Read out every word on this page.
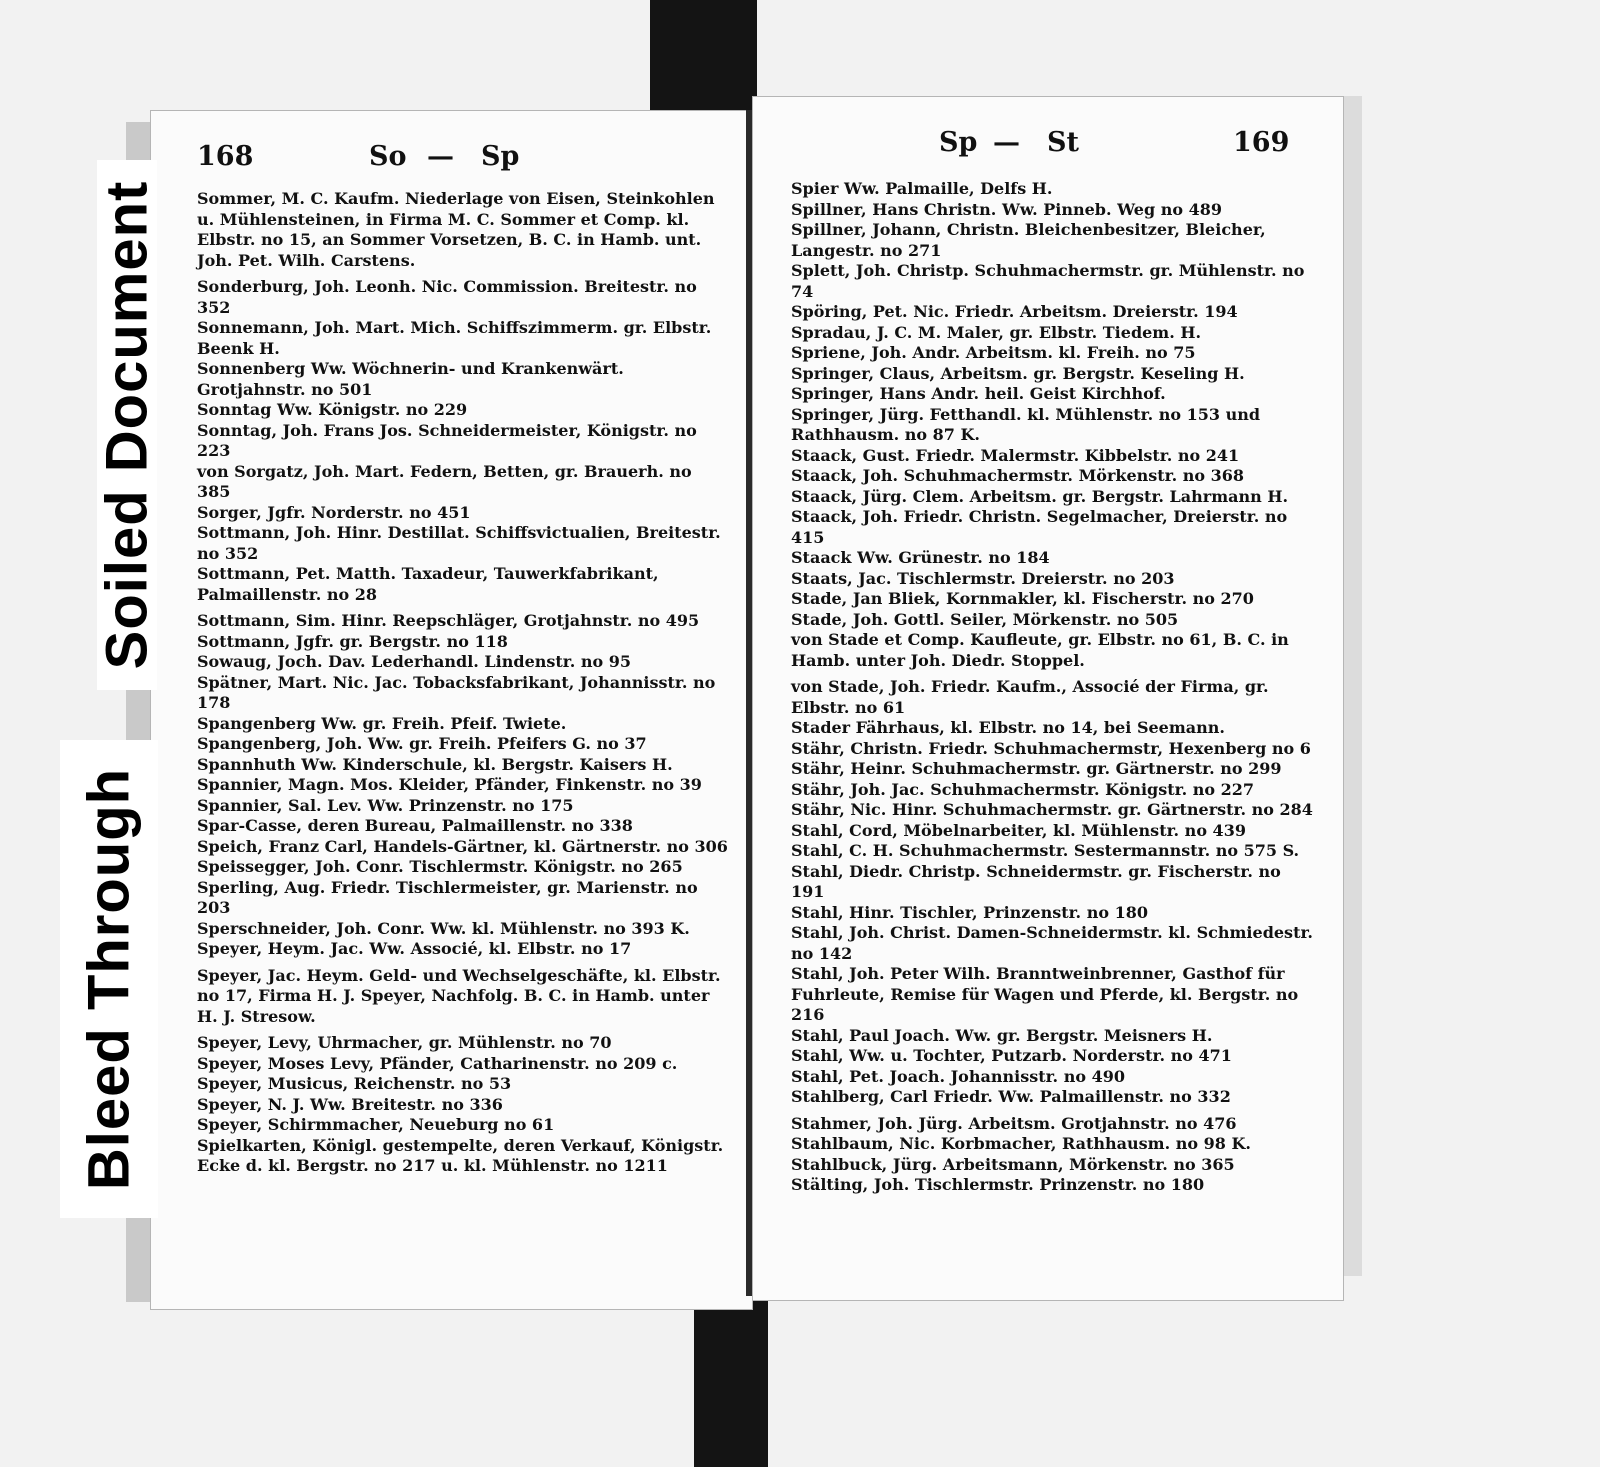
168	So — Sp

Sommer, M. C. Kaufm. Niederlage von Eisen, Steinkohlen u. Mühlensteinen, in Firma M. C. Sommer et Comp. kl. Elbstr. no 15, an Sommer Vorsetzen, B. C. in Hamb. unt. Joh. Pet. Wilh. Carstens.

Sonderburg, Joh. Leonh. Nic. Commission. Breitestr. no 352

Sonnemann, Joh. Mart. Mich. Schiffszimmerm. gr. Elbstr. Beenk H.

Sonnenberg Ww. Wöchnerin- und Krankenwärt. Grotjahnstr. no 501

Sonntag Ww. Königstr. no 229

Sonntag, Joh. Frans Jos. Schneidermeister, Königstr. no 223

von Sorgatz, Joh. Mart. Federn, Betten, gr. Brauerh. no 385

Sorger, Jgfr. Norderstr. no 451

Sottmann, Joh. Hinr. Destillat. Schiffsvictualien, Breitestr. no 352

Sottmann, Pet. Matth. Taxadeur, Tauwerkfabrikant, Palmaillenstr. no 28

Sottmann, Sim. Hinr. Reepschläger, Grotjahnstr. no 495

Sottmann, Jgfr. gr. Bergstr. no 118

Sowaug, Joch. Dav. Lederhandl. Lindenstr. no 95

Spätner, Mart. Nic. Jac. Tobacksfabrikant, Johannisstr. no 178

Spangenberg Ww. gr. Freih. Pfeif. Twiete.

Spangenberg, Joh. Ww. gr. Freih. Pfeifers G. no 37

Spannhuth Ww. Kinderschule, kl. Bergstr. Kaisers H.

Spannier, Magn. Mos. Kleider, Pfänder, Finkenstr. no 39

Spannier, Sal. Lev. Ww. Prinzenstr. no 175

Spar-Casse, deren Bureau, Palmaillenstr. no 338

Speich, Franz Carl, Handels-Gärtner, kl. Gärtnerstr. no 306

Speissegger, Joh. Conr. Tischlermstr. Königstr. no 265

Sperling, Aug. Friedr. Tischlermeister, gr. Marienstr. no 203

Sperschneider, Joh. Conr. Ww. kl. Mühlenstr. no 393 K.

Speyer, Heym. Jac. Ww. Associé, kl. Elbstr. no 17

Speyer, Jac. Heym. Geld- und Wechselgeschäfte, kl. Elbstr. no 17, Firma H. J. Speyer, Nachfolg. B. C. in Hamb. unter H. J. Stresow.

Speyer, Levy, Uhrmacher, gr. Mühlenstr. no 70

Speyer, Moses Levy, Pfänder, Catharinenstr. no 209 c.

Speyer, Musicus, Reichenstr. no 53

Speyer, N. J. Ww. Breitestr. no 336

Speyer, Schirmmacher, Neueburg no 61

Spielkarten, Königl. gestempelte, deren Verkauf, Königstr. Ecke d. kl. Bergstr. no 217 u. kl. Mühlenstr. no 1211

Sp — St	169

Spier Ww. Palmaille, Delfs H.

Spillner, Hans Christn. Ww. Pinneb. Weg no 489

Spillner, Johann, Christn. Bleichenbesitzer, Bleicher, Langestr. no 271

Splett, Joh. Christp. Schuhmachermstr. gr. Mühlenstr. no 74

Spöring, Pet. Nic. Friedr. Arbeitsm. Dreierstr. 194

Spradau, J. C. M. Maler, gr. Elbstr. Tiedem. H.

Spriene, Joh. Andr. Arbeitsm. kl. Freih. no 75

Springer, Claus, Arbeitsm. gr. Bergstr. Keseling H.

Springer, Hans Andr. heil. Geist Kirchhof.

Springer, Jürg. Fetthandl. kl. Mühlenstr. no 153 und Rathhausm. no 87 K.

Staack, Gust. Friedr. Malermstr. Kibbelstr. no 241

Staack, Joh. Schuhmachermstr. Mörkenstr. no 368

Staack, Jürg. Clem. Arbeitsm. gr. Bergstr. Lahrmann H.

Staack, Joh. Friedr. Christn. Segelmacher, Dreierstr. no 415

Staack Ww. Grünestr. no 184

Staats, Jac. Tischlermstr. Dreierstr. no 203

Stade, Jan Bliek, Kornmakler, kl. Fischerstr. no 270

Stade, Joh. Gottl. Seiler, Mörkenstr. no 505

von Stade et Comp. Kaufleute, gr. Elbstr. no 61, B. C. in Hamb. unter Joh. Diedr. Stoppel.

von Stade, Joh. Friedr. Kaufm., Associé der Firma, gr. Elbstr. no 61

Stader Fährhaus, kl. Elbstr. no 14, bei Seemann.

Stähr, Christn. Friedr. Schuhmachermstr, Hexenberg no 6

Stähr, Heinr. Schuhmachermstr. gr. Gärtnerstr. no 299

Stähr, Joh. Jac. Schuhmachermstr. Königstr. no 227

Stähr, Nic. Hinr. Schuhmachermstr. gr. Gärtnerstr. no 284

Stahl, Cord, Möbelnarbeiter, kl. Mühlenstr. no 439

Stahl, C. H. Schuhmachermstr. Sestermannstr. no 575 S.

Stahl, Diedr. Christp. Schneidermstr. gr. Fischerstr. no 191

Stahl, Hinr. Tischler, Prinzenstr. no 180

Stahl, Joh. Christ. Damen-Schneidermstr. kl. Schmiedestr. no 142

Stahl, Joh. Peter Wilh. Branntweinbrenner, Gasthof für Fuhrleute, Remise für Wagen und Pferde, kl. Bergstr. no 216

Stahl, Paul Joach. Ww. gr. Bergstr. Meisners H.

Stahl, Ww. u. Tochter, Putzarb. Norderstr. no 471

Stahl, Pet. Joach. Johannisstr. no 490

Stahlberg, Carl Friedr. Ww. Palmaillenstr. no 332

Stahmer, Joh. Jürg. Arbeitsm. Grotjahnstr. no 476

Stahlbaum, Nic. Korbmacher, Rathhausm. no 98 K.

Stahlbuck, Jürg. Arbeitsmann, Mörkenstr. no 365

Stälting, Joh. Tischlermstr. Prinzenstr. no 180

Soiled Document
Bleed Through
